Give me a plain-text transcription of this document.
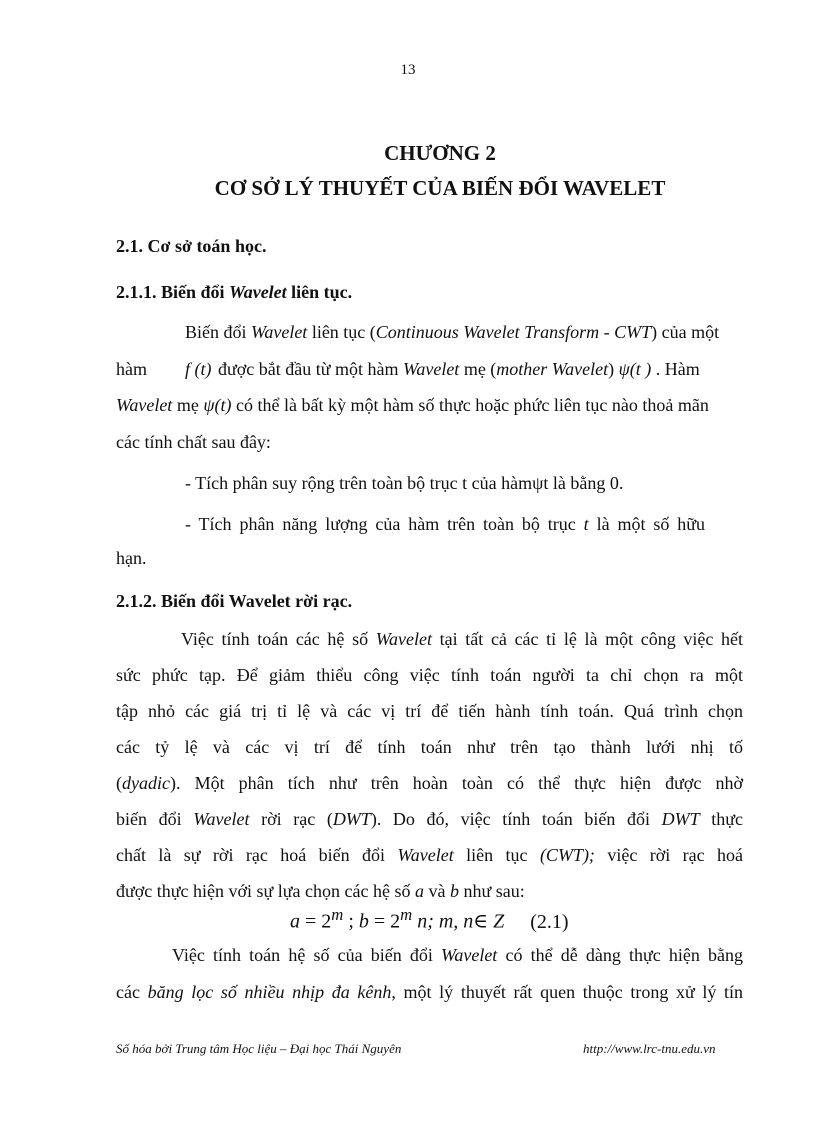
13
CHƯƠNG 2
CƠ SỞ LÝ THUYẾT CỦA BIẾN ĐỔI WAVELET
2.1. Cơ sở toán học.
2.1.1. Biến đổi Wavelet liên tục.
Biến đổi Wavelet liên tục (Continuous Wavelet Transform - CWT) của một
hàm f (t) được bắt đầu từ một hàm Wavelet mẹ (mother Wavelet) ψ(t ) . Hàm
Wavelet mẹ ψ(t) có thể là bất kỳ một hàm số thực hoặc phức liên tục nào thoả mãn
các tính chất sau đây:
- Tích phân suy rộng trên toàn bộ trục t của hàmψt là bằng 0.
- Tích phân năng lượng của hàm trên toàn bộ trục t là một số hữu
hạn.
2.1.2. Biến đổi Wavelet rời rạc.
Việc tính toán các hệ số Wavelet tại tất cả các tỉ lệ là một công việc hết
sức phức tạp. Để giảm thiểu công việc tính toán người ta chỉ chọn ra một
tập nhỏ các giá trị tỉ lệ và các vị trí để tiến hành tính toán. Quá trình chọn
các tỷ lệ và các vị trí để tính toán như trên tạo thành lưới nhị tố
(dyadic). Một phân tích như trên hoàn toàn có thể thực hiện được nhờ
biến đổi Wavelet rời rạc (DWT). Do đó, việc tính toán biến đổi DWT thực
chất là sự rời rạc hoá biến đổi Wavelet liên tục (CWT); việc rời rạc hoá
được thực hiện với sự lựa chọn các hệ số a và b như sau:
$a = 2^m$ ; $b = 2^m$ n; m, n∈ Z (2.1)
Việc tính toán hệ số của biến đổi Wavelet có thể dễ dàng thực hiện bằng
các băng lọc số nhiều nhịp đa kênh, một lý thuyết rất quen thuộc trong xử lý tín
Số hóa bởi Trung tâm Học liệu – Đại học Thái Nguyên	http://www.lrc-tnu.edu.vn
